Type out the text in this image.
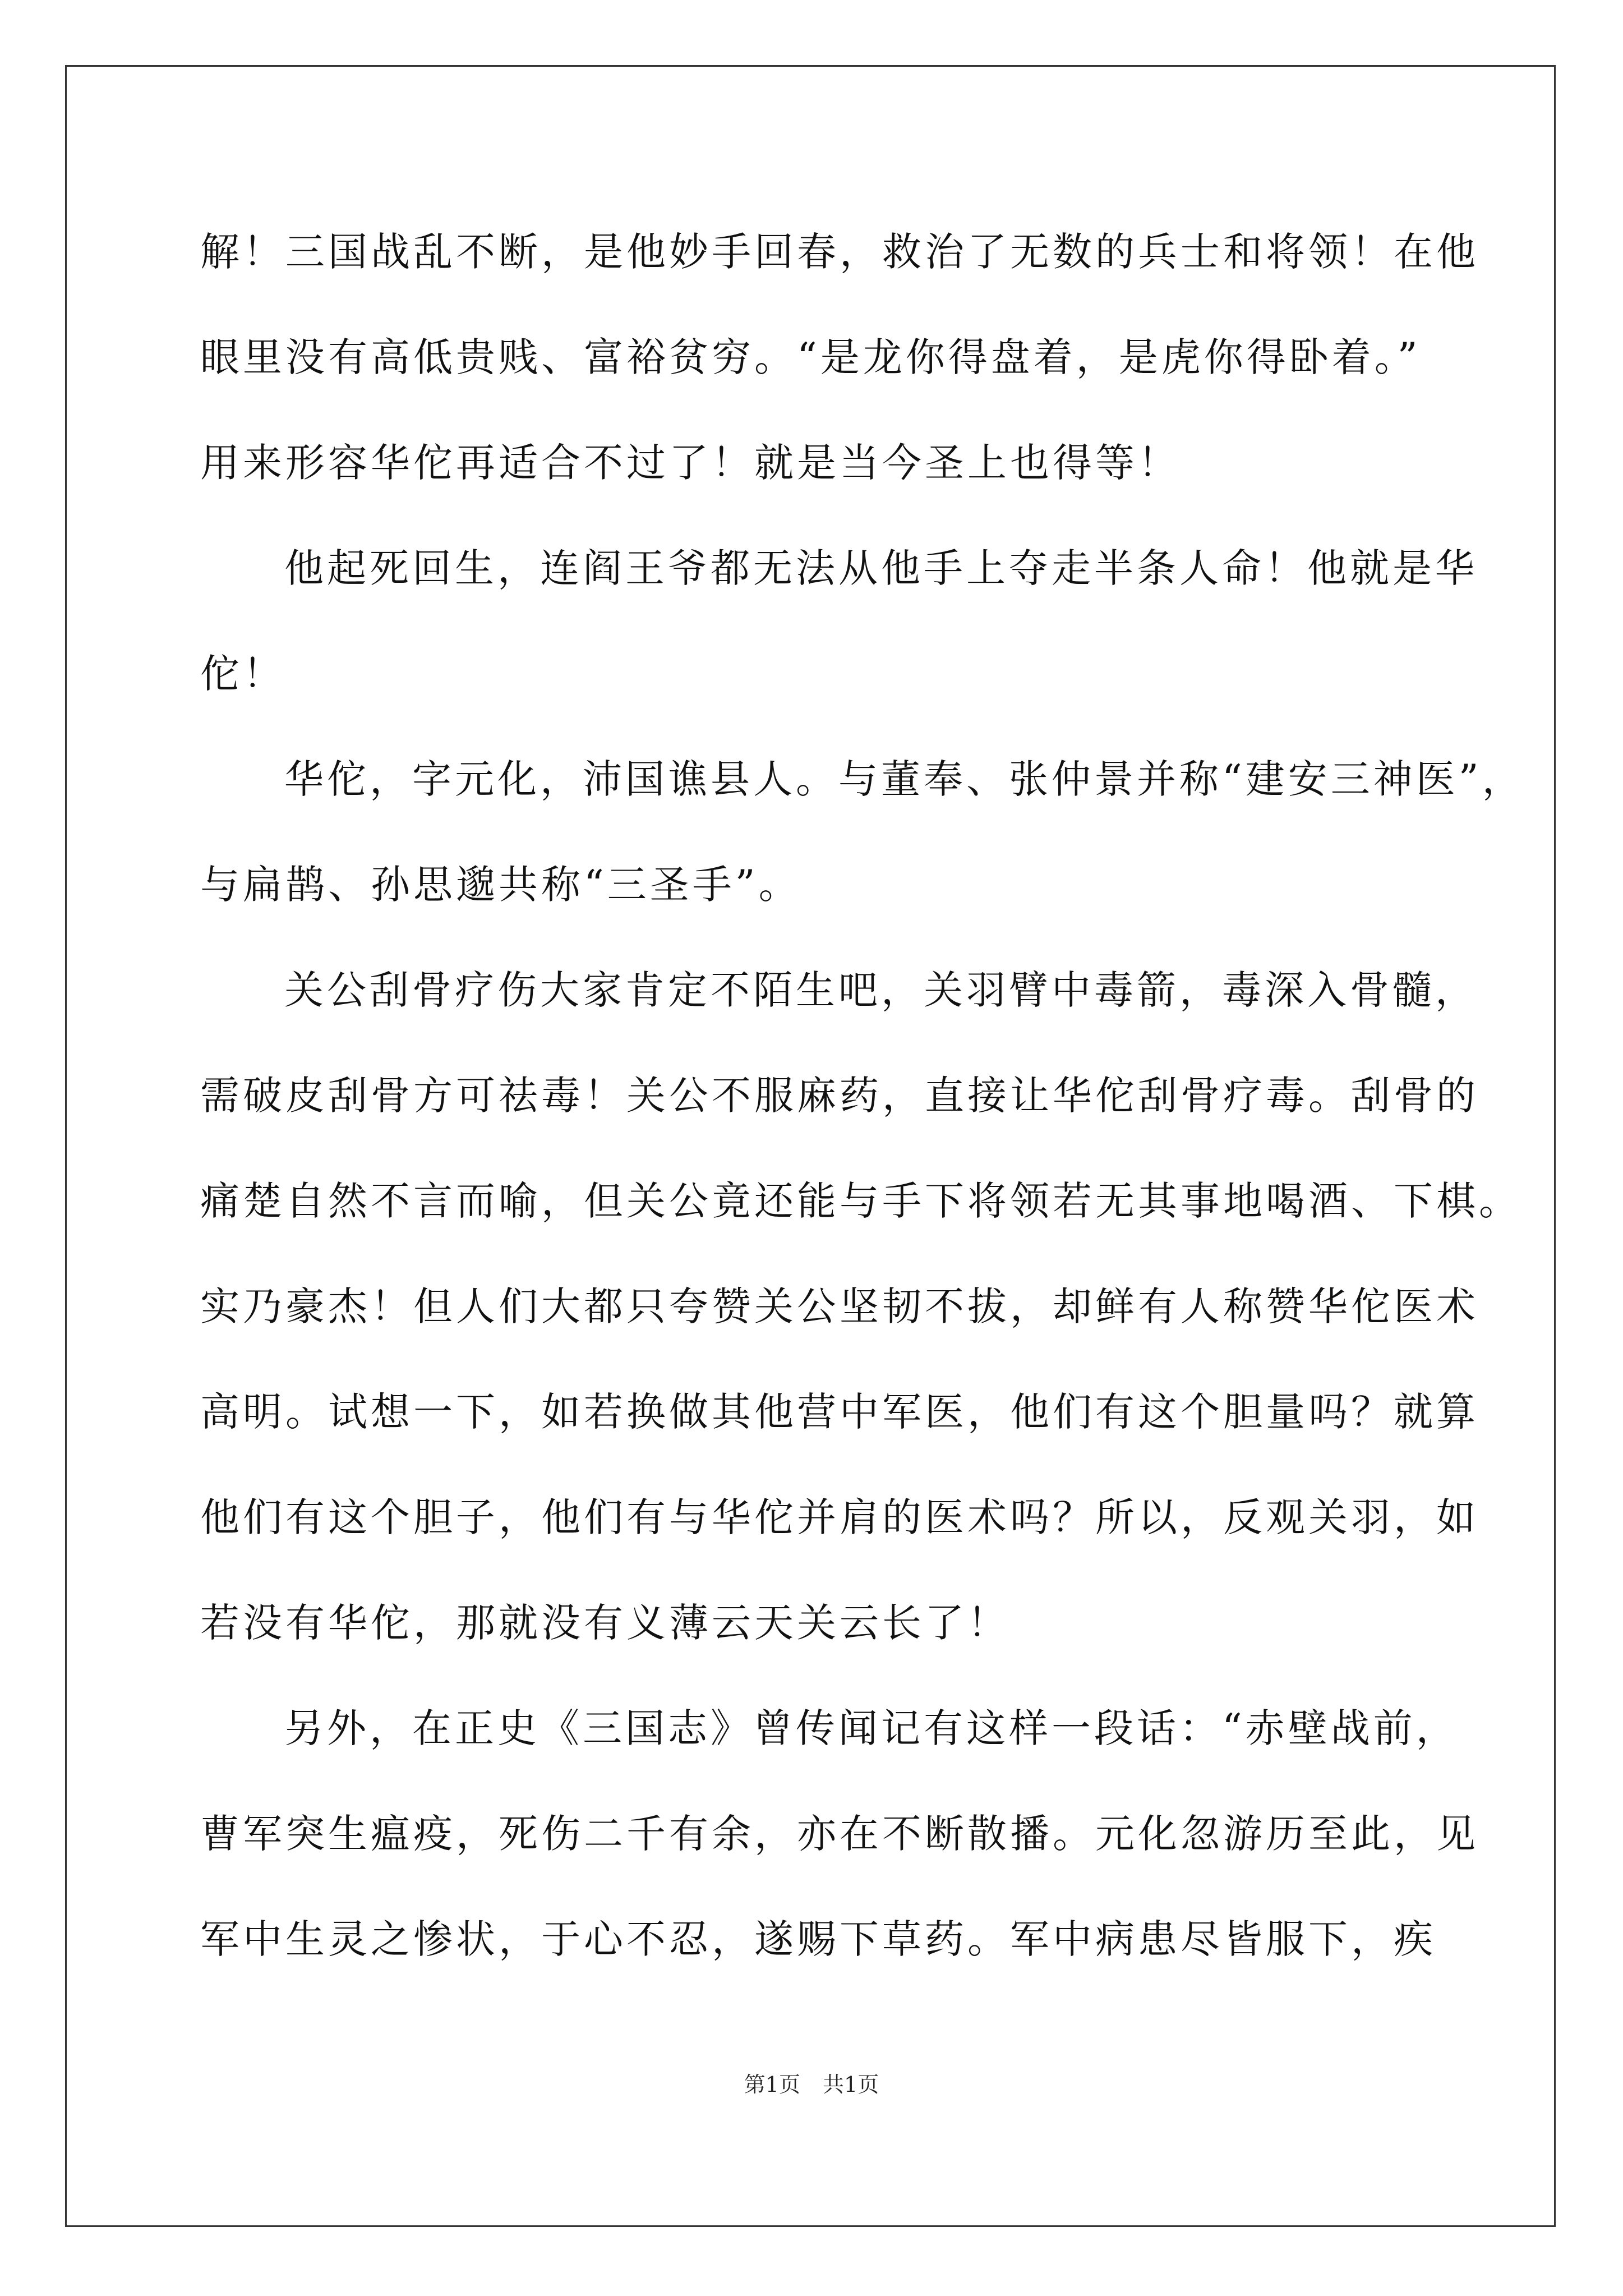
解！三国战乱不断，是他妙手回春，救治了无数的兵士和将领！在他
眼里没有高低贵贱、富裕贫穷。“是龙你得盘着，是虎你得卧着。”
用来形容华佗再适合不过了！就是当今圣上也得等！
他起死回生，连阎王爷都无法从他手上夺走半条人命！他就是华
佗！
华佗，字元化，沛国谯县人。与董奉、张仲景并称“建安三神医”，
与扁鹊、孙思邈共称“三圣手”。
关公刮骨疗伤大家肯定不陌生吧，关羽臂中毒箭，毒深入骨髓，
需破皮刮骨方可祛毒！关公不服麻药，直接让华佗刮骨疗毒。刮骨的
痛楚自然不言而喻，但关公竟还能与手下将领若无其事地喝酒、下棋。
实乃豪杰！但人们大都只夸赞关公坚韧不拔，却鲜有人称赞华佗医术
高明。试想一下，如若换做其他营中军医，他们有这个胆量吗？就算
他们有这个胆子，他们有与华佗并肩的医术吗？所以，反观关羽，如
若没有华佗，那就没有义薄云天关云长了！
另外，在正史《三国志》曾传闻记有这样一段话：“赤壁战前，
曹军突生瘟疫，死伤二千有余，亦在不断散播。元化忽游历至此，见
军中生灵之惨状，于心不忍，遂赐下草药。军中病患尽皆服下，疾
第1页 共1页
